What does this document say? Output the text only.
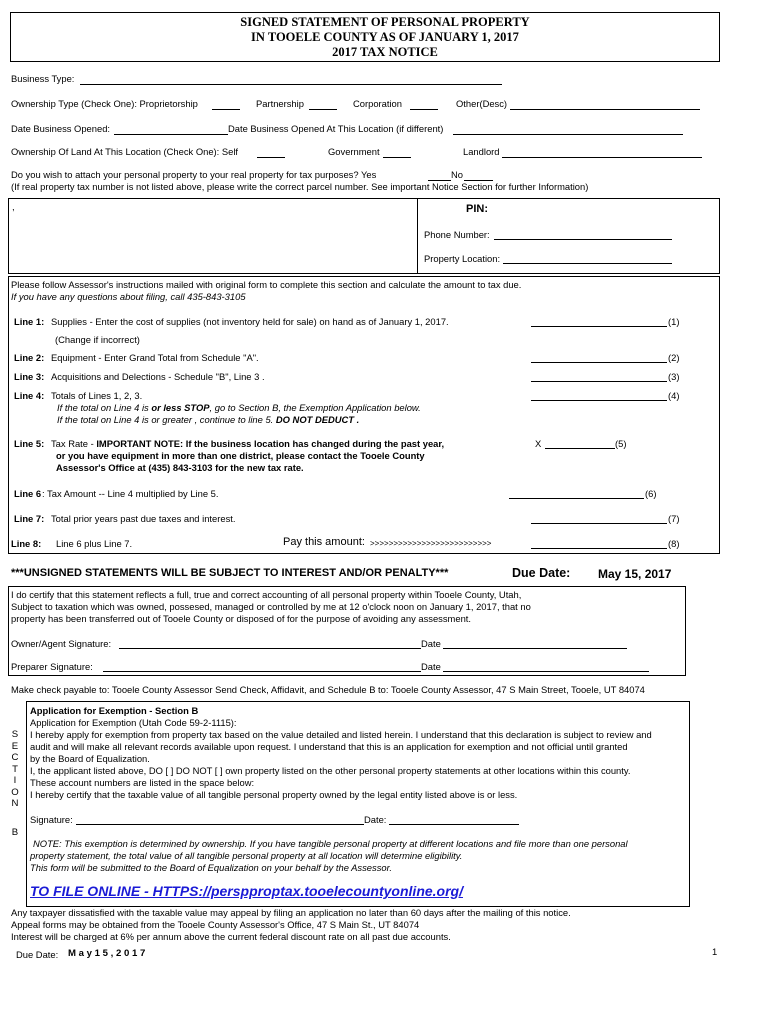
SIGNED STATEMENT OF PERSONAL PROPERTY
IN TOOELE COUNTY AS OF JANUARY 1, 2017
2017 TAX NOTICE
Business Type:
Ownership Type (Check One): Proprietorship	Partnership	Corporation	Other(Desc)
Date Business Opened:	Date Business Opened At This Location (if different)
Ownership Of Land At This Location (Check One): Self	Government	Landlord
Do you wish to attach your personal property to your real property for tax purposes? Yes	No
(If real property tax number is not listed above, please write the correct parcel number. See important Notice Section for further Information)
,	PIN:
Phone Number:
Property Location:
Please follow Assessor's instructions mailed with original form to complete this section and calculate the amount to tax due.
If you have any questions about filing, call 435-843-3105
Line 1: Supplies - Enter the cost of supplies (not inventory held for sale) on hand as of January 1, 2017.	(1)
(Change if incorrect)
Line 2: Equipment - Enter Grand Total from Schedule "A".	(2)
Line 3: Acquisitions and Delections - Schedule "B", Line 3 .	(3)
Line 4: Totals of Lines 1, 2, 3.	(4)
If the total on Line 4 is or less STOP, go to Section B, the Exemption Application below.
If the total on Line 4 is or greater , continue to line 5. DO NOT DEDUCT .
Line 5: Tax Rate - IMPORTANT NOTE: If the business location has changed during the past year,
or you have equipment in more than one district, please contact the Tooele County
Assessor's Office at (435) 843-3103 for the new tax rate.
X	(5)
Line 6 : Tax Amount -- Line 4 multiplied by Line 5.	(6)
Line 7: Total prior years past due taxes and interest.	(7)
Line 8: Line 6 plus Line 7.	Pay this amount: >>>>>>>>>>>>>>>>>>>>>>>>>>	(8)
***UNSIGNED STATEMENTS WILL BE SUBJECT TO INTEREST AND/OR PENALTY***	Due Date: May 15, 2017
I do certify that this statement reflects a full, true and correct accounting of all personal property within Tooele County, Utah,
Subject to taxation which was owned, possesed, managed or controlled by me at 12 o'clock noon on January 1, 2017, that no
property has been transferred out of Tooele County or disposed of for the purpose of avoiding any assessment.
Owner/Agent Signature:	Date
Preparer Signature:	Date
Make check payable to: Tooele County Assessor Send Check, Affidavit, and Schedule B to: Tooele County Assessor, 47 S Main Street, Tooele, UT 84074
S
E
C
T
I
O
N
B
Application for Exemption - Section B
Application for Exemption (Utah Code 59-2-1115):
I hereby apply for exemption from property tax based on the value detailed and listed herein. I understand that this declaration is subject to review and
audit and will make all relevant records available upon request. I understand that this is an application for exemption and not official until granted
by the Board of Equalization.
I, the applicant listed above, DO [ ] DO NOT [ ] own property listed on the other personal property statements at other locations within this county.
These account numbers are listed in the space below:
I hereby certify that the taxable value of all tangible personal property owned by the legal entity listed above is or less.
Signature:	Date:
NOTE: This exemption is determined by ownership. If you have tangible personal property at different locations and file more than one personal
property statement, the total value of all tangible personal property at all location will determine eligibility.
This form will be submitted to the Board of Equalization on your behalf by the Assessor.
TO FILE ONLINE - HTTPS://perspproptax.tooelecountyonline.org/
Any taxpayer dissatisfied with the taxable value may appeal by filing an application no later than 60 days after the mailing of this notice.
Appeal forms may be obtained from the Tooele County Assessor's Office, 47 S Main St., UT 84074
Interest will be charged at 6% per annum above the current federal discount rate on all past due accounts.
Due Date: M a y 1 5 , 2 0 1 7	1
